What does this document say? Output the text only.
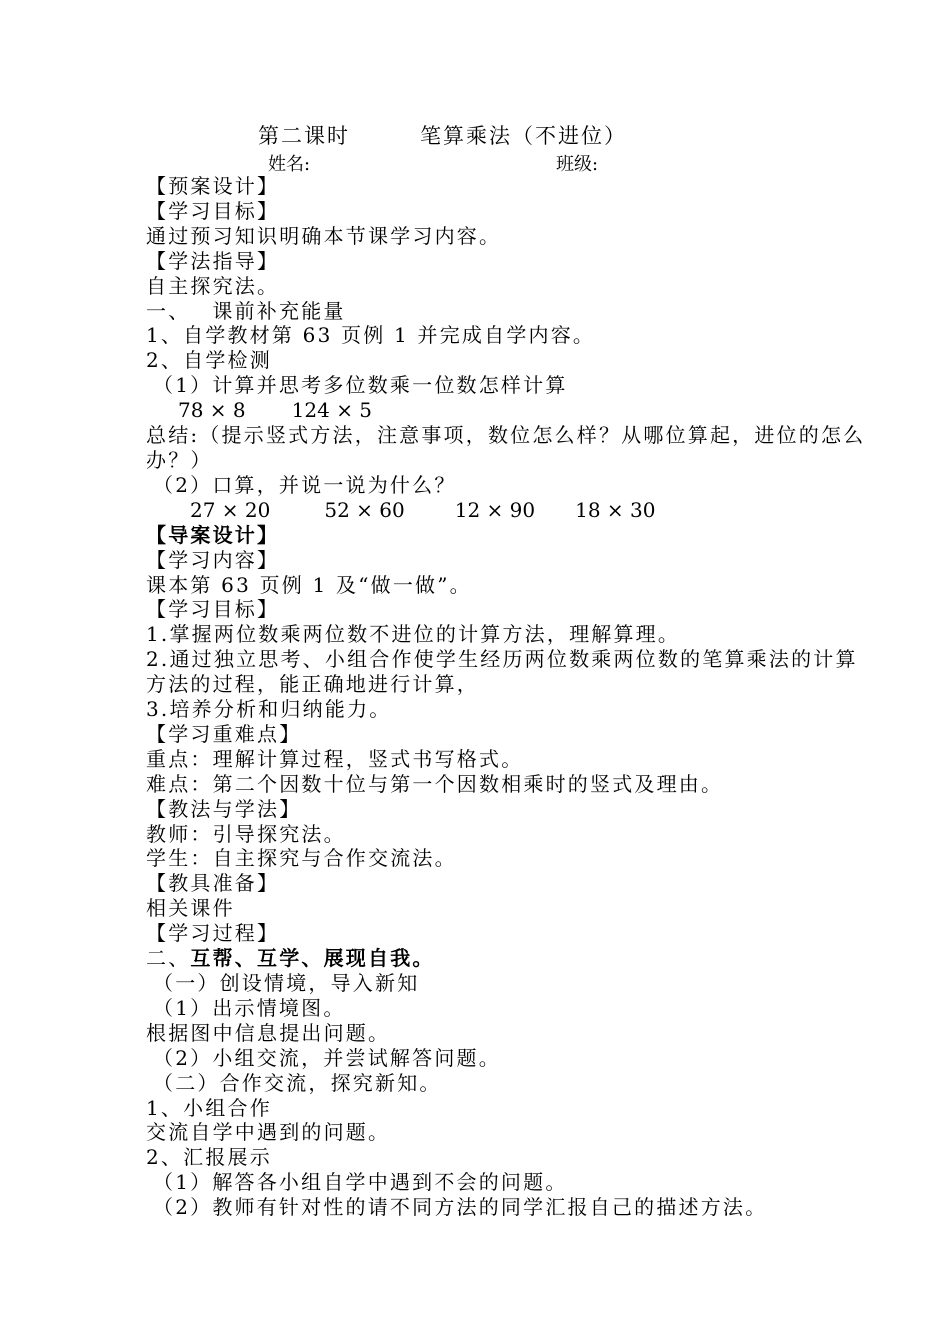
第二课时	笔算乘法（不进位）
姓名:	班级:
【预案设计】
【学习目标】
通过预习知识明确本节课学习内容。
【学法指导】
自主探究法。
一、 课前补充能量
1、自学教材第 63 页例 1 并完成自学内容。
2、自学检测
（1）计算并思考多位数乘一位数怎样计算
78 × 8 124 × 5
总结:（提示竖式方法，注意事项，数位怎么样？从哪位算起，进位的怎么办？）
（2）口算，并说一说为什么？
27 × 20	52 × 60	12 × 90 18 × 30
【导案设计】
【学习内容】
课本第 63 页例 1 及“做一做”。
【学习目标】
1.掌握两位数乘两位数不进位的计算方法，理解算理。
2.通过独立思考、小组合作使学生经历两位数乘两位数的笔算乘法的计算方法的过程，能正确地进行计算，
3.培养分析和归纳能力。
【学习重难点】
重点：理解计算过程，竖式书写格式。
难点：第二个因数十位与第一个因数相乘时的竖式及理由。
【教法与学法】
教师：引导探究法。
学生：自主探究与合作交流法。
【教具准备】
相关课件
【学习过程】
二、互帮、互学、展现自我。
（一）创设情境，导入新知
（1）出示情境图。
根据图中信息提出问题。
（2）小组交流，并尝试解答问题。
（二）合作交流，探究新知。
1、小组合作
交流自学中遇到的问题。
2、汇报展示
（1）解答各小组自学中遇到不会的问题。
（2）教师有针对性的请不同方法的同学汇报自己的描述方法。
